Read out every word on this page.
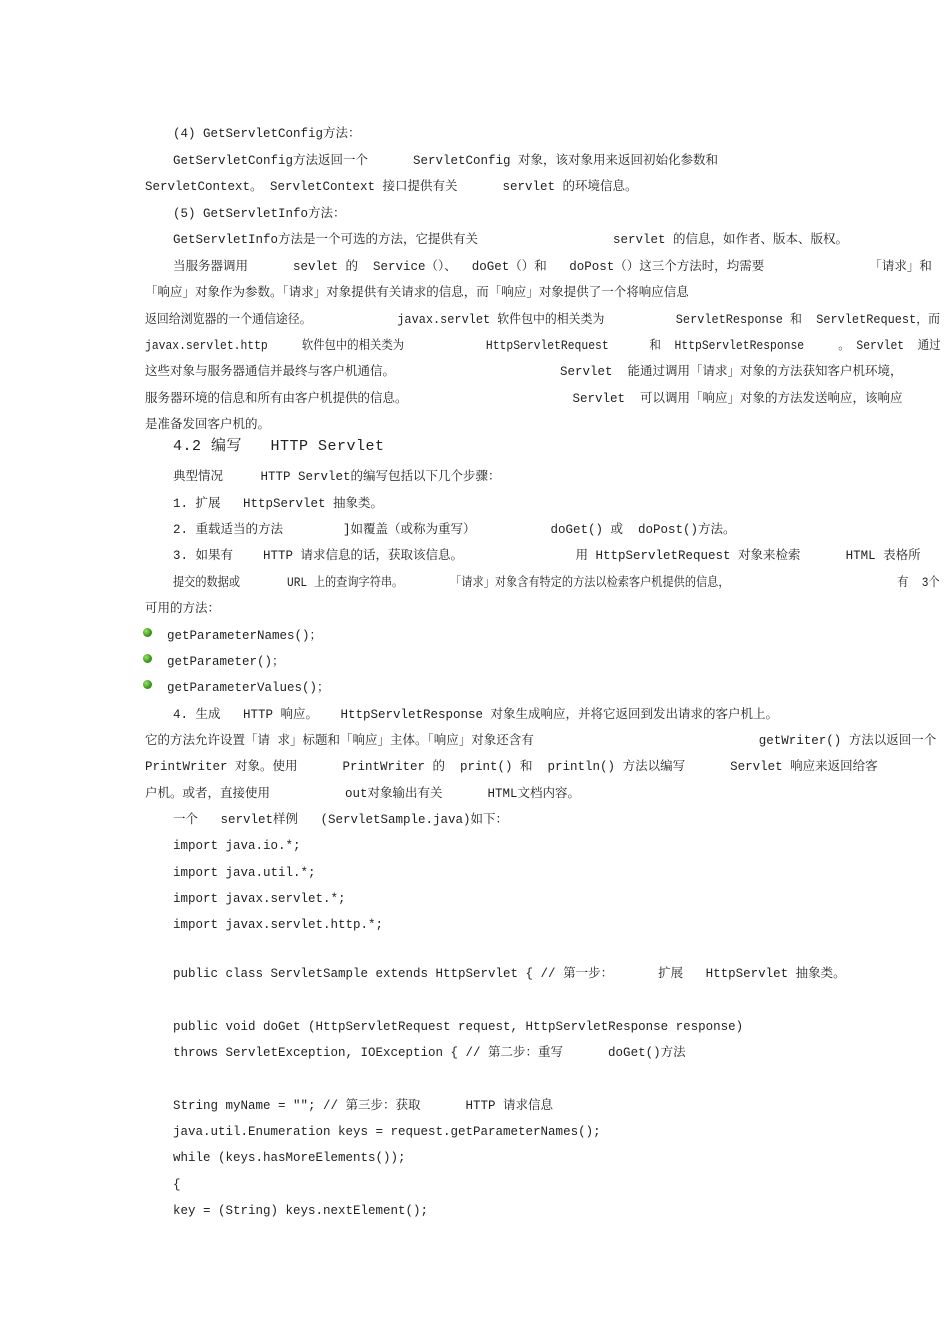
(4) GetServletConfig方法：
GetServletConfig方法返回一个      ServletConfig 对象，该对象用来返回初始化参数和
ServletContext。 ServletContext 接口提供有关      servlet 的环境信息。
(5) GetServletInfo方法：
GetServletInfo方法是一个可选的方法，它提供有关                  servlet 的信息，如作者、版本、版权。
当服务器调用      sevlet 的  Service（）、  doGet（）和   doPost（）这三个方法时，均需要              「请求」和
「响应」对象作为参数。「请求」对象提供有关请求的信息，而「响应」对象提供了一个将响应信息
返回给浏览器的一个通信途径。            javax.servlet 软件包中的相关类为          ServletResponse 和  ServletRequest，而
javax.servlet.http     软件包中的相关类为            HttpServletRequest      和  HttpServletResponse     。 Servlet  通过
这些对象与服务器通信并最终与客户机通信。                      Servlet  能通过调用「请求」对象的方法获知客户机环境，
服务器环境的信息和所有由客户机提供的信息。                      Servlet  可以调用「响应」对象的方法发送响应，该响应
是准备发回客户机的。
4.2 编写   HTTP Servlet
典型情况     HTTP Servlet的编写包括以下几个步骤：
1. 扩展   HttpServlet 抽象类。
2. 重载适当的方法        ]如覆盖（或称为重写）          doGet() 或  doPost()方法。
3. 如果有    HTTP 请求信息的话，获取该信息。               用 HttpServletRequest 对象来检索      HTML 表格所
提交的数据或       URL 上的查询字符串。       「请求」对象含有特定的方法以检索客户机提供的信息，                         有  3个
可用的方法：
getParameterNames()；
getParameter()；
getParameterValues()；
4. 生成   HTTP 响应。   HttpServletResponse 对象生成响应，并将它返回到发出请求的客户机上。
它的方法允许设置「请 求」标题和「响应」主体。「响应」对象还含有                              getWriter() 方法以返回一个
PrintWriter 对象。使用      PrintWriter 的  print() 和  println() 方法以编写      Servlet 响应来返回给客
户机。或者，直接使用          out对象输出有关      HTML文档内容。
一个   servlet样例   (ServletSample.java)如下：
import java.io.*;
import java.util.*;
import javax.servlet.*;
import javax.servlet.http.*;
public class ServletSample extends HttpServlet { // 第一步：      扩展   HttpServlet 抽象类。
public void doGet (HttpServletRequest request, HttpServletResponse response)
throws ServletException, IOException { // 第二步：重写      doGet()方法
String myName = ""; // 第三步：获取      HTTP 请求信息
java.util.Enumeration keys = request.getParameterNames();
while (keys.hasMoreElements());
{
key = (String) keys.nextElement();
